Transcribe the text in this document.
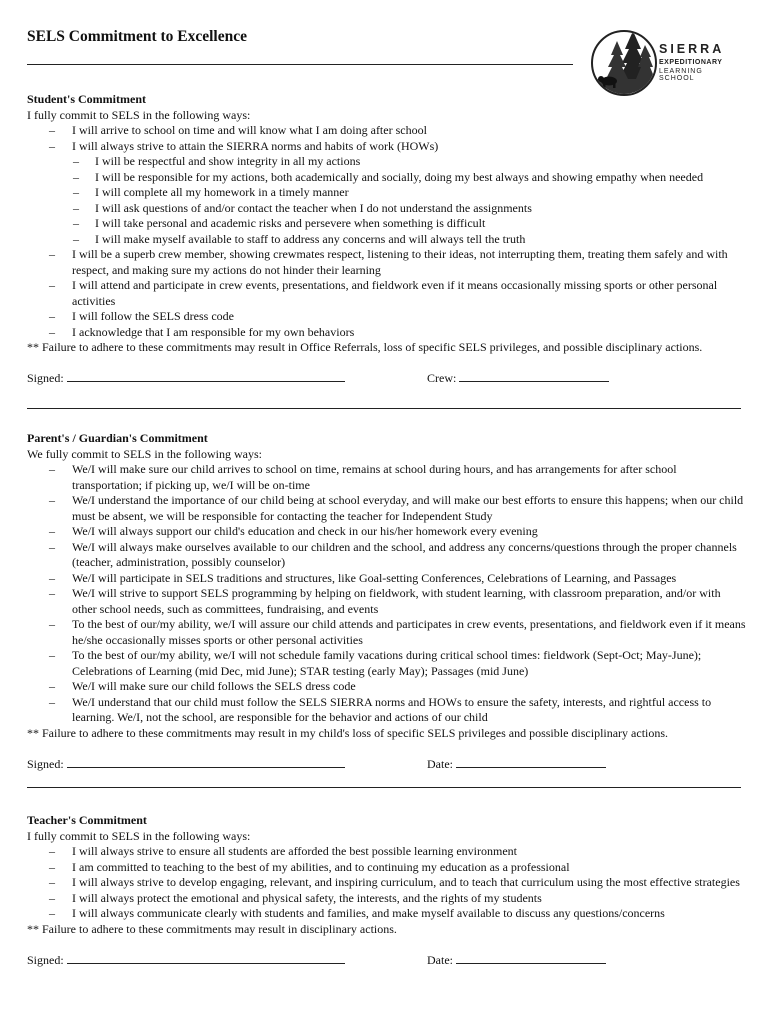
SELS Commitment to Excellence
SIERRA
EXPEDITIONARY
LEARNING SCHOOL
Student's Commitment
I fully commit to SELS in the following ways:
– I will arrive to school on time and will know what I am doing after school
– I will always strive to attain the SIERRA norms and habits of work (HOWs)
– I will be respectful and show integrity in all my actions
– I will be responsible for my actions, both academically and socially, doing my best always and showing empathy when needed
– I will complete all my homework in a timely manner
– I will ask questions of and/or contact the teacher when I do not understand the assignments
– I will take personal and academic risks and persevere when something is difficult
– I will make myself available to staff to address any concerns and will always tell the truth
– I will be a superb crew member, showing crewmates respect, listening to their ideas, not interrupting them, treating them safely and with respect, and making sure my actions do not hinder their learning
– I will attend and participate in crew events, presentations, and fieldwork even if it means occasionally missing sports or other personal activities
– I will follow the SELS dress code
– I acknowledge that I am responsible for my own behaviors
** Failure to adhere to these commitments may result in Office Referrals, loss of specific SELS privileges, and possible disciplinary actions.
Signed:	Crew:
Parent's / Guardian's Commitment
We fully commit to SELS in the following ways:
– We/I will make sure our child arrives to school on time, remains at school during hours, and has arrangements for after school transportation; if picking up, we/I will be on-time
– We/I understand the importance of our child being at school everyday, and will make our best efforts to ensure this happens; when our child must be absent, we will be responsible for contacting the teacher for Independent Study
– We/I will always support our child's education and check in our his/her homework every evening
– We/I will always make ourselves available to our children and the school, and address any concerns/questions through the proper channels (teacher, administration, possibly counselor)
– We/I will participate in SELS traditions and structures, like Goal-setting Conferences, Celebrations of Learning, and Passages
– We/I will strive to support SELS programming by helping on fieldwork, with student learning, with classroom preparation, and/or with other school needs, such as committees, fundraising, and events
– To the best of our/my ability, we/I will assure our child attends and participates in crew events, presentations, and fieldwork even if it means he/she occasionally misses sports or other personal activities
– To the best of our/my ability, we/I will not schedule family vacations during critical school times: fieldwork (Sept-Oct; May-June); Celebrations of Learning (mid Dec, mid June); STAR testing (early May); Passages (mid June)
– We/I will make sure our child follows the SELS dress code
– We/I understand that our child must follow the SELS SIERRA norms and HOWs to ensure the safety, interests, and rightful access to learning. We/I, not the school, are responsible for the behavior and actions of our child
** Failure to adhere to these commitments may result in my child's loss of specific SELS privileges and possible disciplinary actions.
Signed:	Date:
Teacher's Commitment
I fully commit to SELS in the following ways:
– I will always strive to ensure all students are afforded the best possible learning environment
– I am committed to teaching to the best of my abilities, and to continuing my education as a professional
– I will always strive to develop engaging, relevant, and inspiring curriculum, and to teach that curriculum using the most effective strategies
– I will always protect the emotional and physical safety, the interests, and the rights of my students
– I will always communicate clearly with students and families, and make myself available to discuss any questions/concerns
** Failure to adhere to these commitments may result in disciplinary actions.
Signed:	Date:
